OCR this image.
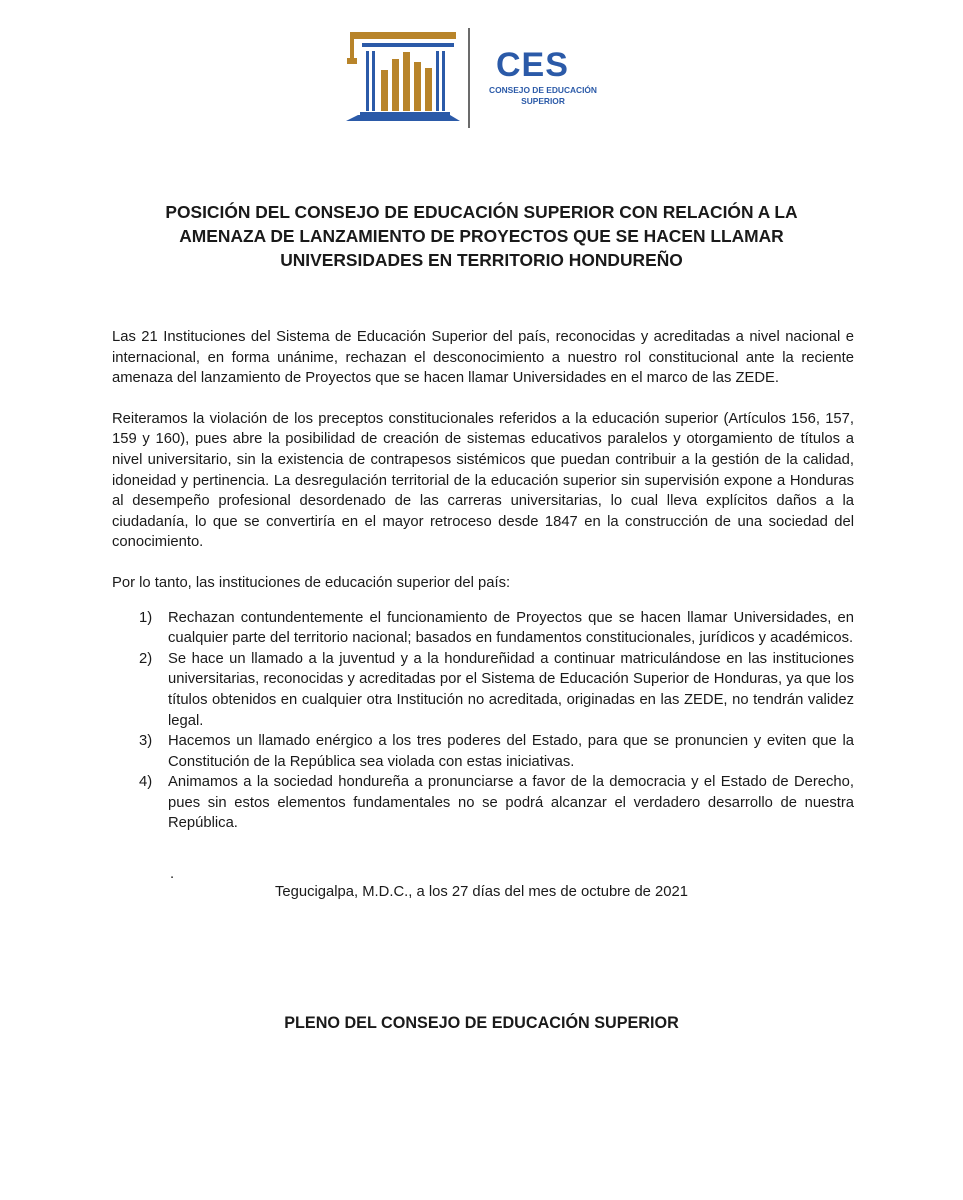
CES
CONSEJO DE EDUCACIÓN
SUPERIOR
POSICIÓN DEL CONSEJO DE EDUCACIÓN SUPERIOR CON RELACIÓN A LA
AMENAZA DE LANZAMIENTO DE PROYECTOS QUE SE HACEN LLAMAR
UNIVERSIDADES EN TERRITORIO HONDUREÑO

Las 21 Instituciones del Sistema de Educación Superior del país, reconocidas y acreditadas a nivel nacional e internacional, en forma unánime, rechazan el desconocimiento a nuestro rol constitucional ante la reciente amenaza del lanzamiento de Proyectos que se hacen llamar Universidades en el marco de las ZEDE.

Reiteramos la violación de los preceptos constitucionales referidos a la educación superior (Artículos 156, 157, 159 y 160), pues abre la posibilidad de creación de sistemas educativos paralelos y otorgamiento de títulos a nivel universitario, sin la existencia de contrapesos sistémicos que puedan contribuir a la gestión de la calidad, idoneidad y pertinencia. La desregulación territorial de la educación superior sin supervisión expone a Honduras al desempeño profesional desordenado de las carreras universitarias, lo cual lleva explícitos daños a la ciudadanía, lo que se convertiría en el mayor retroceso desde 1847 en la construcción de una sociedad del conocimiento.

Por lo tanto, las instituciones de educación superior del país:

1) Rechazan contundentemente el funcionamiento de Proyectos que se hacen llamar Universidades, en cualquier parte del territorio nacional; basados en fundamentos constitucionales, jurídicos y académicos.
2) Se hace un llamado a la juventud y a la hondureñidad a continuar matriculándose en las instituciones universitarias, reconocidas y acreditadas por el Sistema de Educación Superior de Honduras, ya que los títulos obtenidos en cualquier otra Institución no acreditada, originadas en las ZEDE, no tendrán validez legal.
3) Hacemos un llamado enérgico a los tres poderes del Estado, para que se pronuncien y eviten que la Constitución de la República sea violada con estas iniciativas.
4) Animamos a la sociedad hondureña a pronunciarse a favor de la democracia y el Estado de Derecho, pues sin estos elementos fundamentales no se podrá alcanzar el verdadero desarrollo de nuestra República.
.
Tegucigalpa, M.D.C., a los 27 días del mes de octubre de 2021
PLENO DEL CONSEJO DE EDUCACIÓN SUPERIOR
